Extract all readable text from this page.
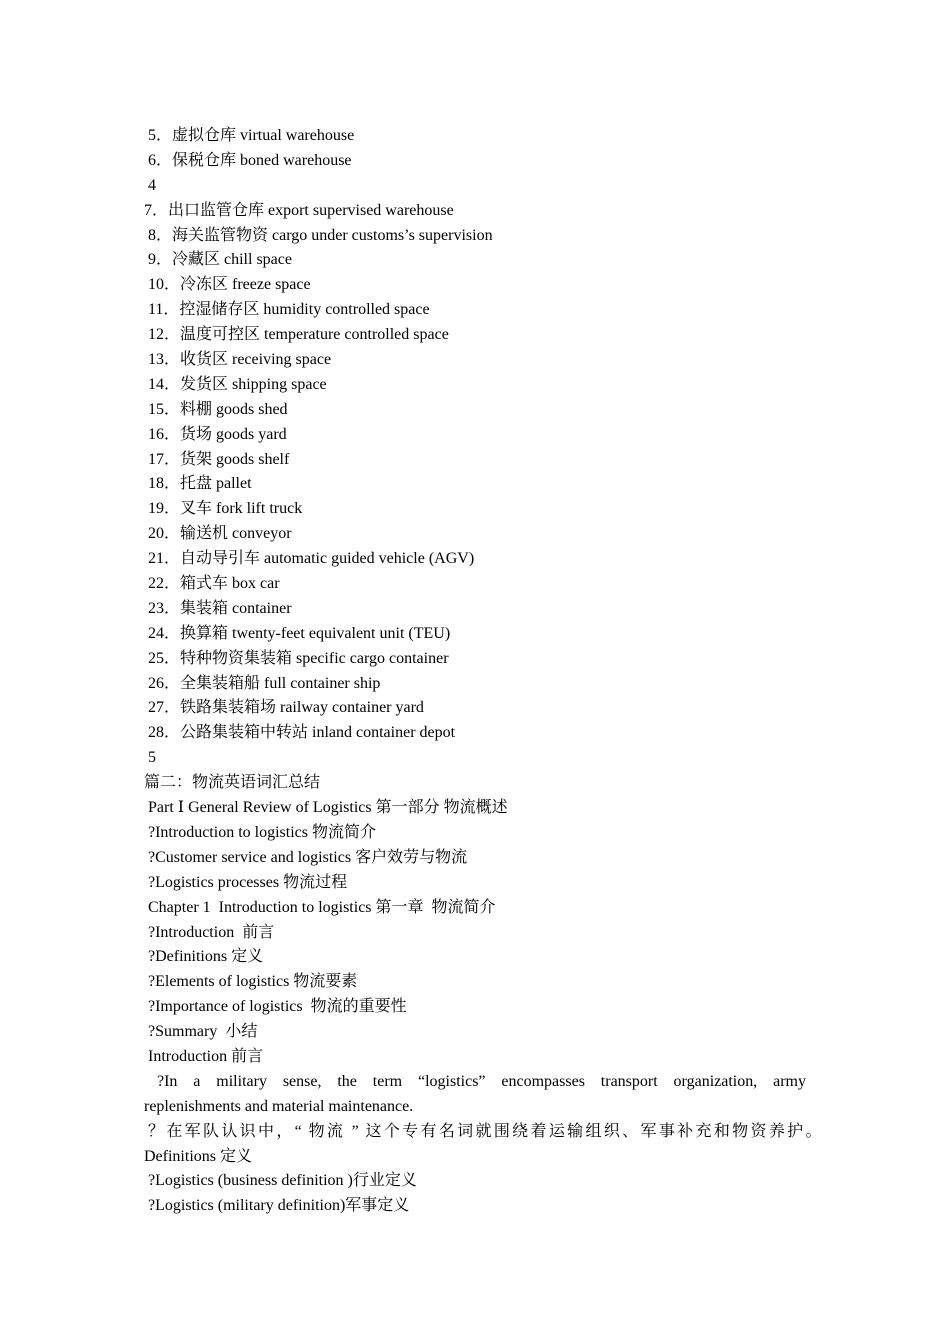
5．虚拟仓库 virtual warehouse
6．保税仓库 boned warehouse
4
7．出口监管仓库 export supervised warehouse
8．海关监管物资 cargo under customs’s supervision
9．冷藏区 chill space
10．冷冻区 freeze space
11．控湿储存区 humidity controlled space
12．温度可控区 temperature controlled space
13．收货区 receiving space
14．发货区 shipping space
15．料棚 goods shed
16．货场 goods yard
17．货架 goods shelf
18．托盘 pallet
19．叉车 fork lift truck
20．输送机 conveyor
21．自动导引车 automatic guided vehicle (AGV)
22．箱式车 box car
23．集装箱 container
24．换算箱 twenty-feet equivalent unit (TEU)
25．特种物资集装箱 specific cargo container
26．全集装箱船 full container ship
27．铁路集装箱场 railway container yard
28．公路集装箱中转站 inland container depot
5
篇二：物流英语词汇总结
Part Ⅰ General Review of Logistics 第一部分 物流概述
?Introduction to logistics 物流简介
?Customer service and logistics 客户效劳与物流
?Logistics processes 物流过程
Chapter 1  Introduction to logistics 第一章  物流简介
?Introduction  前言
?Definitions 定义
?Elements of logistics 物流要素
?Importance of logistics  物流的重要性
?Summary  小结
Introduction 前言
?In a military sense, the term “logistics” encompasses transport organization, army
replenishments and material maintenance.
？在军队认识中，“ 物流 ” 这个专有名词就围绕着运输组织、军事补充和物资养护。
Definitions 定义
?Logistics (business definition )行业定义
?Logistics (military definition)军事定义
